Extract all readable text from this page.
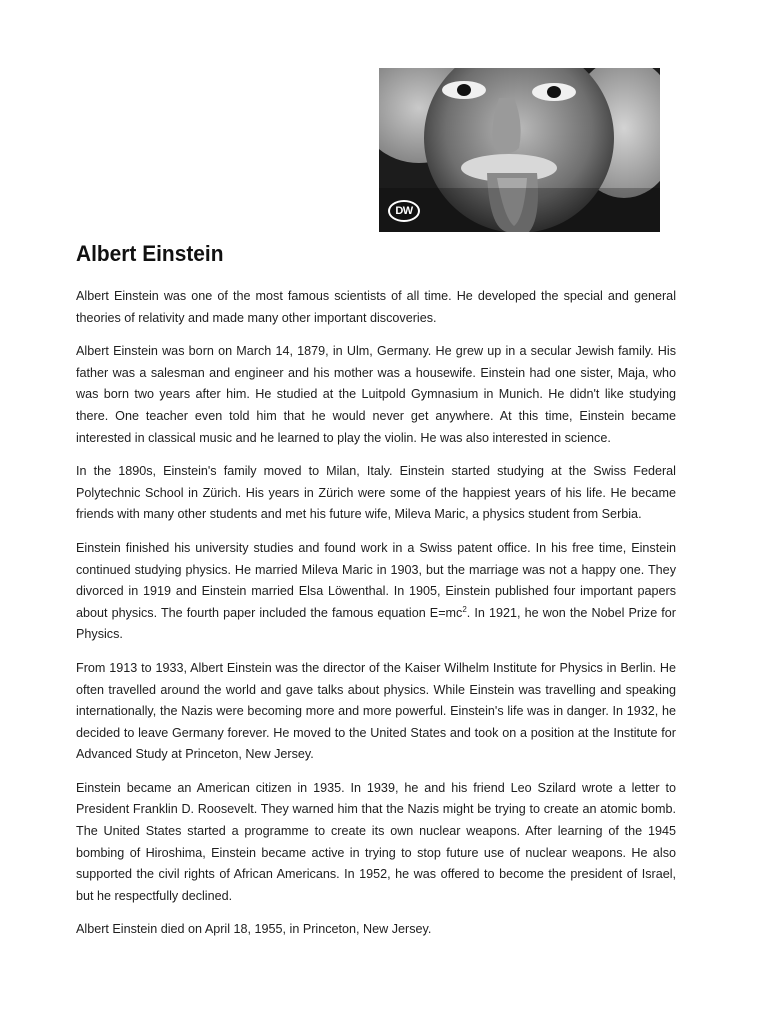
DW
Albert Einstein

Albert Einstein was one of the most famous scientists of all time. He developed the special and general theories of relativity and made many other important discoveries.

Albert Einstein was born on March 14, 1879, in Ulm, Germany. He grew up in a secular Jewish family. His father was a salesman and engineer and his mother was a housewife. Einstein had one sister, Maja, who was born two years after him. He studied at the Luitpold Gymnasium in Munich. He didn't like studying there. One teacher even told him that he would never get anywhere. At this time, Einstein became interested in classical music and he learned to play the violin. He was also interested in science.

In the 1890s, Einstein's family moved to Milan, Italy. Einstein started studying at the Swiss Federal Polytechnic School in Zürich. His years in Zürich were some of the happiest years of his life. He became friends with many other students and met his future wife, Mileva Maric, a physics student from Serbia.

Einstein finished his university studies and found work in a Swiss patent office. In his free time, Einstein continued studying physics. He married Mileva Maric in 1903, but the marriage was not a happy one. They divorced in 1919 and Einstein married Elsa Löwenthal. In 1905, Einstein published four important papers about physics. The fourth paper included the famous equation $E=mc^2$. In 1921, he won the Nobel Prize for Physics.

From 1913 to 1933, Albert Einstein was the director of the Kaiser Wilhelm Institute for Physics in Berlin. He often travelled around the world and gave talks about physics. While Einstein was travelling and speaking internationally, the Nazis were becoming more and more powerful. Einstein's life was in danger. In 1932, he decided to leave Germany forever. He moved to the United States and took on a position at the Institute for Advanced Study at Princeton, New Jersey.

Einstein became an American citizen in 1935. In 1939, he and his friend Leo Szilard wrote a letter to President Franklin D. Roosevelt. They warned him that the Nazis might be trying to create an atomic bomb. The United States started a programme to create its own nuclear weapons. After learning of the 1945 bombing of Hiroshima, Einstein became active in trying to stop future use of nuclear weapons. He also supported the civil rights of African Americans. In 1952, he was offered to become the president of Israel, but he respectfully declined.

Albert Einstein died on April 18, 1955, in Princeton, New Jersey.
